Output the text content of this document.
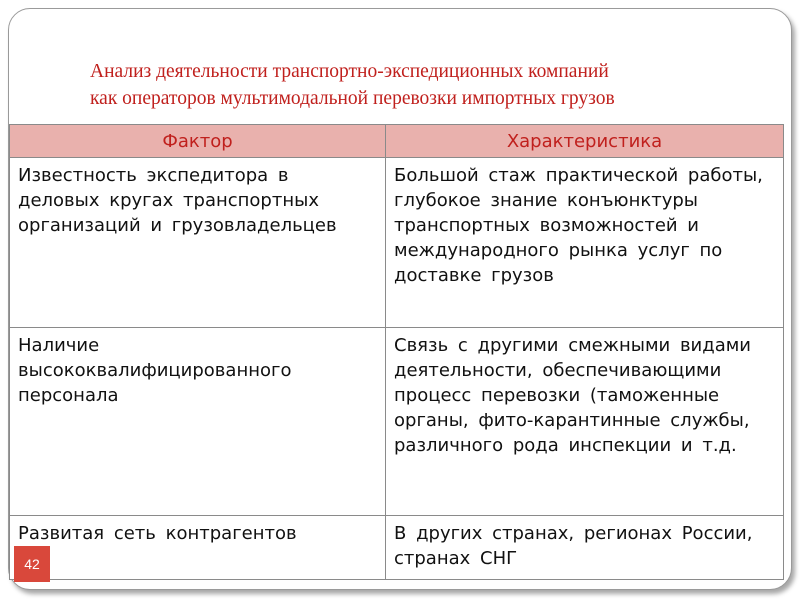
Анализ деятельности транспортно-экспедиционных компаний
как операторов мультимодальной перевозки импортных грузов
Фактор	Характеристика
Известность экспедитора в деловых кругах транспортных организаций и грузовладельцев	Большой стаж практической работы, глубокое знание конъюнктуры транспортных возможностей и международного рынка услуг по доставке грузов
Наличие высококвалифицированного персонала	Связь с другими смежными видами деятельности, обеспечивающими процесс перевозки (таможенные органы, фито-карантинные службы, различного рода инспекции и т.д.
Развитая сеть контрагентов	В других странах, регионах России, странах СНГ
42
